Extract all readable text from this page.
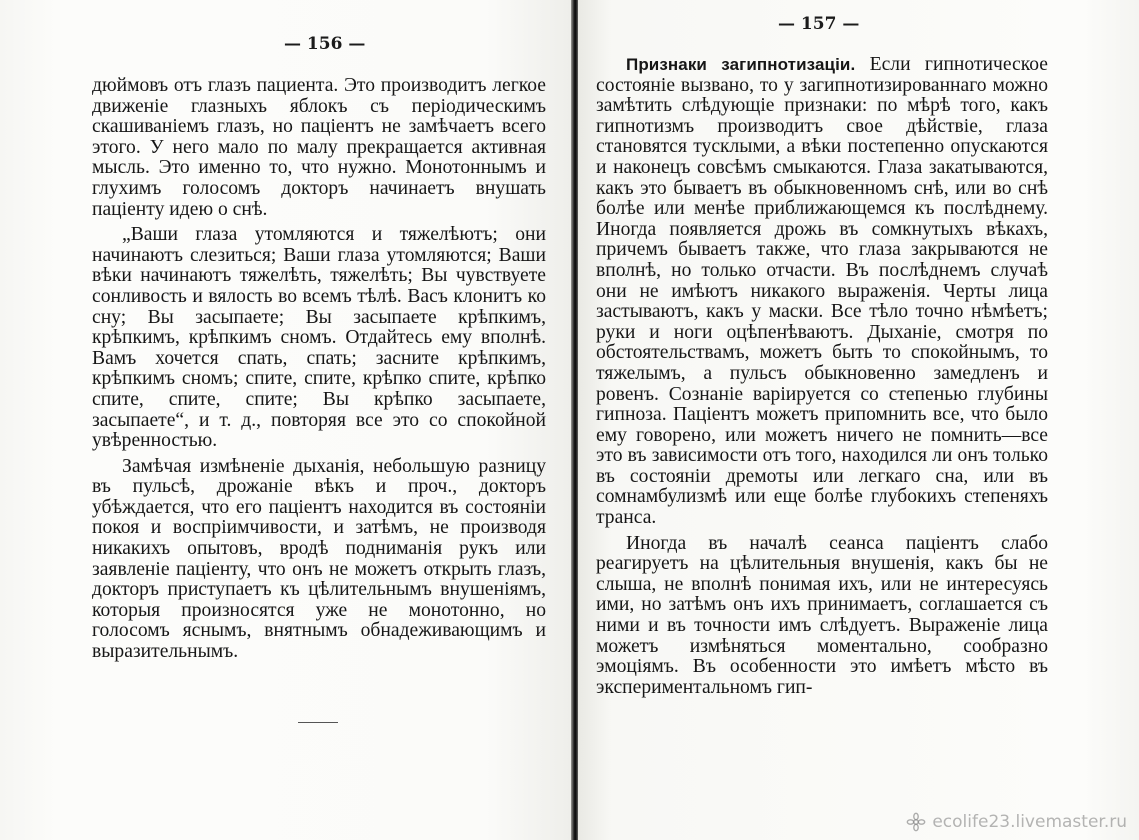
— 156 —

дюймовъ отъ глазъ пациента. Это производитъ легкое движенiе глазныхъ яблокъ съ перiодическимъ скашиванiемъ глазъ, но пацiентъ не замѣчаетъ всего этого. У него мало по малу прекращается активная мысль. Это именно то, что нужно. Монотоннымъ и глухимъ голосомъ докторъ начинаетъ внушать пацiенту идею о снѣ.

„Ваши глаза утомляются и тяжелѣютъ; они начинаютъ слезиться; Ваши глаза утомляются; Ваши вѣки начинаютъ тяжелѣть, тяжелѣть; Вы чувствуете сонливость и вялость во всемъ тѣлѣ. Васъ клонитъ ко сну; Вы засыпаете; Вы засыпаете крѣпкимъ, крѣпкимъ, крѣпкимъ сномъ. Отдайтесь ему вполнѣ. Вамъ хочется спать, спать; засните крѣпкимъ, крѣпкимъ сномъ; спите, спите, крѣпко спите, крѣпко спите, спите, спите; Вы крѣпко засыпаете, засыпаете“, и т. д., повторяя все это со спокойной увѣренностью.

Замѣчая измѣненiе дыханiя, небольшую разницу въ пульсѣ, дрожанiе вѣкъ и проч., докторъ убѣждается, что его пацiентъ находится въ состоянiи покоя и воспрiимчивости, и затѣмъ, не производя никакихъ опытовъ, вродѣ подниманiя рукъ или заявленiе пацiенту, что онъ не можетъ открыть глазъ, докторъ приступаетъ къ цѣлительнымъ внушенiямъ, которыя произносятся уже не монотонно, но голосомъ яснымъ, внятнымъ обнадеживающимъ и выразительнымъ.

— 157 —

Признаки загипнотизацiи. Если гипнотическое состоянiе вызвано, то у загипнотизированнаго можно замѣтить слѣдующiе признаки: по мѣрѣ того, какъ гипнотизмъ производитъ свое дѣйствiе, глаза становятся тусклыми, а вѣки постепенно опускаются и наконецъ совсѣмъ смыкаются. Глаза закатываются, какъ это бываетъ въ обыкновенномъ снѣ, или во снѣ болѣе или менѣе приближающемся къ послѣднему. Иногда появляется дрожь въ сомкнутыхъ вѣкахъ, причемъ бываетъ также, что глаза закрываются не вполнѣ, но только отчасти. Въ послѣднемъ случаѣ они не имѣютъ никакого выраженiя. Черты лица застываютъ, какъ у маски. Все тѣло точно нѣмѣетъ; руки и ноги оцѣпенѣваютъ. Дыханiе, смотря по обстоятельствамъ, можетъ быть то спокойнымъ, то тяжелымъ, а пульсъ обыкновенно замедленъ и ровенъ. Сознанiе варiируется со степенью глубины гипноза. Пацiентъ можетъ припомнить все, что было ему говорено, или можетъ ничего не помнить—все это въ зависимости отъ того, находился ли онъ только въ состоянiи дремоты или легкаго сна, или въ сомнамбулизмѣ или еще болѣе глубокихъ степеняхъ транса.

Иногда въ началѣ сеанса пацiентъ слабо реагируетъ на цѣлительныя внушенiя, какъ бы не слыша, не вполнѣ понимая ихъ, или не интересуясь ими, но затѣмъ онъ ихъ принимаетъ, соглашается съ ними и въ точности имъ слѣдуетъ. Выраженiе лица можетъ измѣняться моментально, сообразно эмоцiямъ. Въ особенности это имѣетъ мѣсто въ экспериментальномъ гип-

ecolife23.livemaster.ru
